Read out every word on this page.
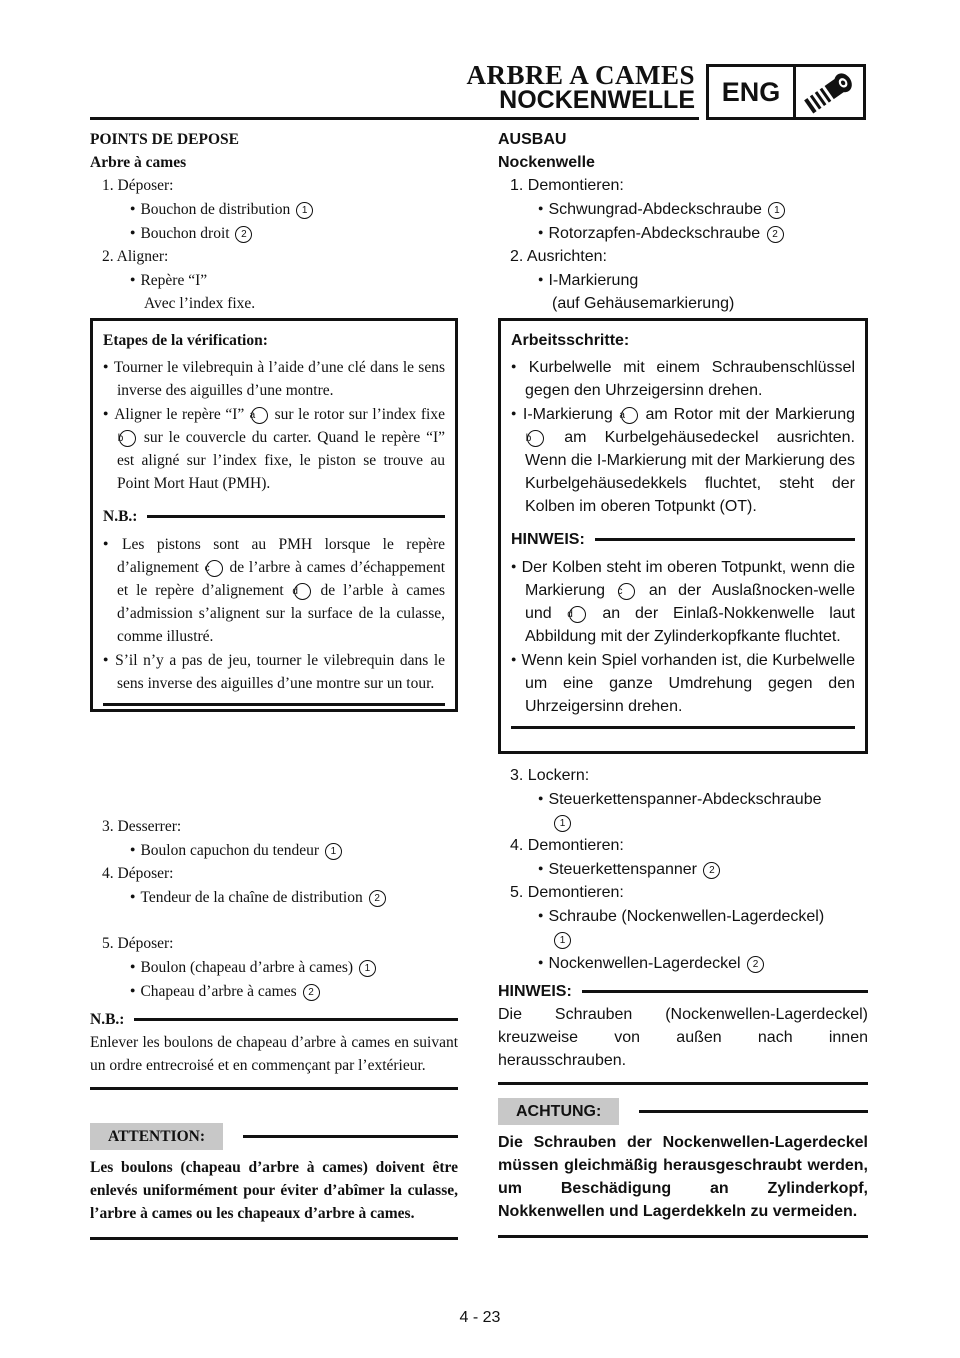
ARBRE A CAMES
NOCKENWELLE ENG
POINTS DE DEPOSE
Arbre à cames
1. Déposer:
● Bouchon de distribution 1
● Bouchon droit 2
2. Aligner:
● Repère “I”
Avec l’index fixe.

Etapes de la vérification:

● Tourner le vilebrequin à l’aide d’une clé dans le sens inverse des aiguilles d’une montre.
● Aligner le repère “I” a sur le rotor sur l’index fixe b sur le couvercle du carter. Quand le repère “I” est aligné sur l’index fixe, le piston se trouve au Point Mort Haut (PMH).
N.B.:
● Les pistons sont au PMH lorsque le repère d’alignement c de l’arbre à cames d’échappement et le repère d’alignement d de l’arble à cames d’admission s’alignent sur la surface de la culasse, comme illustré.
● S’il n’y a pas de jeu, tourner le vilebrequin dans le sens inverse des aiguilles d’une montre sur un tour.
3. Desserrer:
● Boulon capuchon du tendeur 1
4. Déposer:
● Tendeur de la chaîne de distribution 2
5. Déposer:
● Boulon (chapeau d’arbre à cames) 1
● Chapeau d’arbre à cames 2
N.B.:
Enlever les boulons de chapeau d’arbre à cames en suivant un ordre entrecroisé et en commençant par l’extérieur.
ATTENTION:
Les boulons (chapeau d’arbre à cames) doivent être enlevés uniformément pour éviter d’abîmer la culasse, l’arbre à cames ou les chapeaux d’arbre à cames.
AUSBAU
Nockenwelle
1. Demontieren:
● Schwungrad-Abdeckschraube 1
● Rotorzapfen-Abdeckschraube 2
2. Ausrichten:
● I-Markierung
(auf Gehäusemarkierung)

Arbeitsschritte:

● Kurbelwelle mit einem Schraubenschlüssel gegen den Uhrzeigersinn drehen.
● I-Markierung a am Rotor mit der Markierung b am Kurbelgehäusedeckel ausrichten. Wenn die I-Markierung mit der Markierung des Kurbelgehäusedekkels fluchtet, steht der Kolben im oberen Totpunkt (OT).
HINWEIS:
● Der Kolben steht im oberen Totpunkt, wenn die Markierung c an der Auslaßnocken-welle und d an der Einlaß-Nokkenwelle laut Abbildung mit der Zylinderkopfkante fluchtet.
● Wenn kein Spiel vorhanden ist, die Kurbelwelle um eine ganze Umdrehung gegen den Uhrzeigersinn drehen.
3. Lockern:
● Steuerkettenspanner-Abdeckschraube
1
4. Demontieren:
● Steuerkettenspanner 2
5. Demontieren:
● Schraube (Nockenwellen-Lagerdeckel)
1
● Nockenwellen-Lagerdeckel 2
HINWEIS:
Die Schrauben (Nockenwellen-Lagerdeckel) kreuzweise von außen nach innen herausschrauben.
ACHTUNG:
Die Schrauben der Nockenwellen-Lagerdeckel müssen gleichmäßig herausgeschraubt werden, um Beschädigung an Zylinderkopf, Nokkenwellen und Lagerdekkeln zu vermeiden.
4 - 23
